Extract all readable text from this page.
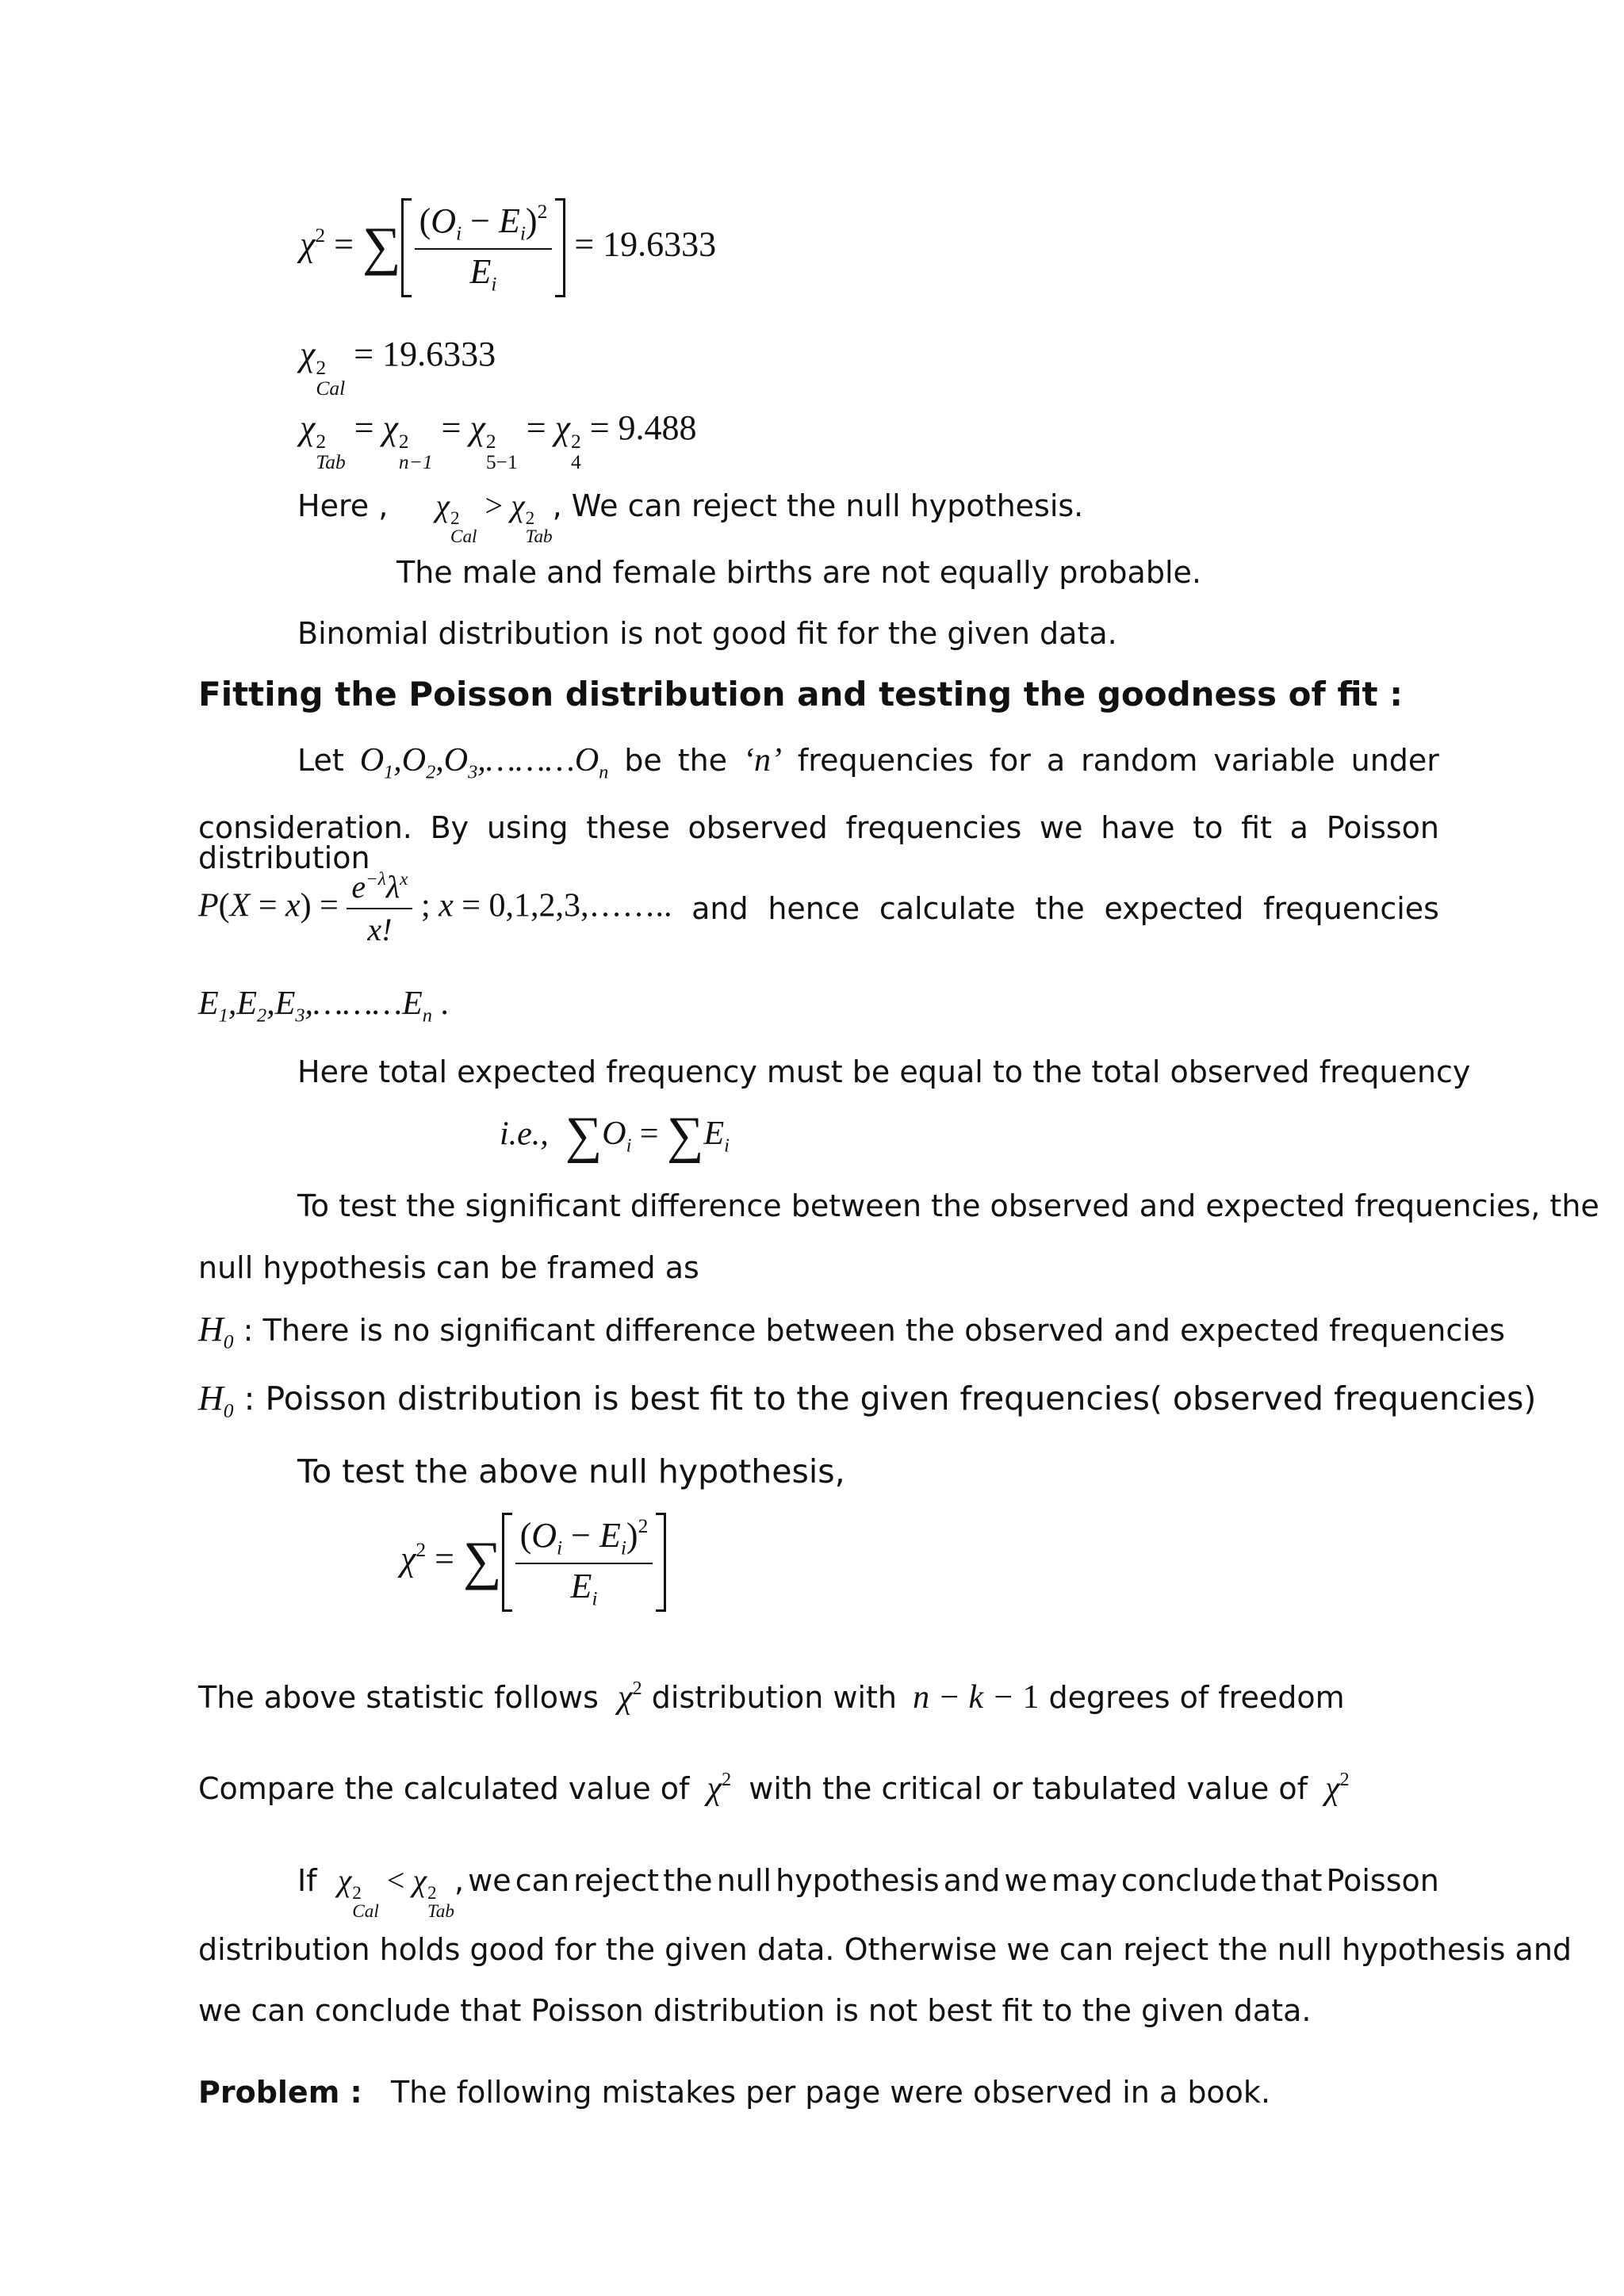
$\chi^2$ = ∑ $\frac{(O_i - E_i)^2}{E_i} = 19.6333$
χ 2
Cal
= 19.6333
χ 2
Tab
= χ 2
n−1
= χ 2
5−1
= χ 2
4
= 9.488
Here , χ 2
Cal
> χ 2
Tab
, We can reject the null hypothesis.
The male and female births are not equally probable.
Binomial distribution is not good fit for the given data.
Fitting the Poisson distribution and testing the goodness of fit :
Let $O_1,O_2,O_3,\dots\dots\dots O_n$ be the ‘n’ frequencies for a random variable under
consideration. By using these observed frequencies we have to fit a Poisson distribution
$P(X = x) = \frac{e^{-\lambda}\lambda^x}{x!}$ ; x = 0,1,2,3,…….. and hence calculate the expected frequencies
$E_1,E_2,E_3,\dots\dots\dots E_n$ .
Here total expected frequency must be equal to the total observed frequency
i.e., $\sum O_i = \sum E_i$
To test the significant difference between the observed and expected frequencies, the
null hypothesis can be framed as
$H_0$ : There is no significant difference between the observed and expected frequencies
$H_0$ : Poisson distribution is best fit to the given frequencies( observed frequencies)
To test the above null hypothesis,
$\chi^2$ = ∑ $\frac{(O_i - E_i)^2}{E_i}$
The above statistic follows $\chi^2$ distribution with n − k − 1 degrees of freedom
Compare the calculated value of $\chi^2$ with the critical or tabulated value of $\chi^2$
If χ 2
Cal
< χ 2
Tab
, we can reject the null hypothesis and we may conclude that Poisson
distribution holds good for the given data. Otherwise we can reject the null hypothesis and
we can conclude that Poisson distribution is not best fit to the given data.
Problem : The following mistakes per page were observed in a book.
